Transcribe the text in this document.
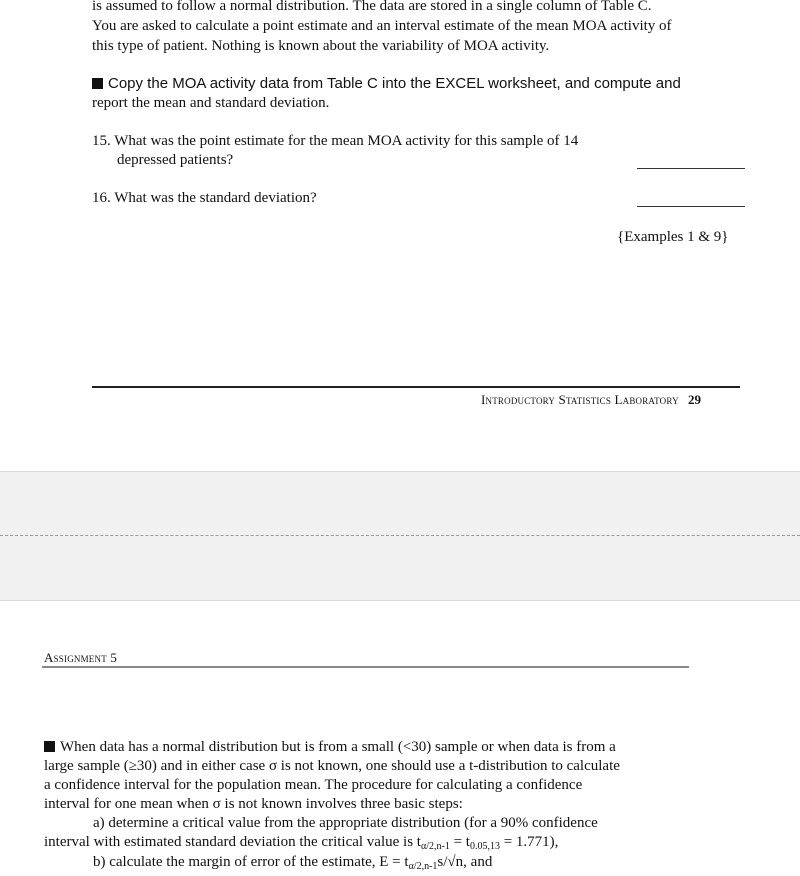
is assumed to follow a normal distribution. The data are stored in a single column of Table C.
You are asked to calculate a point estimate and an interval estimate of the mean MOA activity of
this type of patient. Nothing is known about the variability of MOA activity.
Copy the MOA activity data from Table C into the EXCEL worksheet, and compute and
report the mean and standard deviation.
15. What was the point estimate for the mean MOA activity for this sample of 14
depressed patients?
16. What was the standard deviation?
{Examples 1 & 9}
Introductory Statistics Laboratory 29
Assignment 5
When data has a normal distribution but is from a small (<30) sample or when data is from a
large sample (≥30) and in either case σ is not known, one should use a t-distribution to calculate
a confidence interval for the population mean. The procedure for calculating a confidence
interval for one mean when σ is not known involves three basic steps:
a) determine a critical value from the appropriate distribution (for a 90% confidence
interval with estimated standard deviation the critical value is $t_{\alpha/2,n-1} = t_{0.05,13} = 1.771$),
b) calculate the margin of error of the estimate, $E = t_{\alpha/2,n-1}s/√n$, and
